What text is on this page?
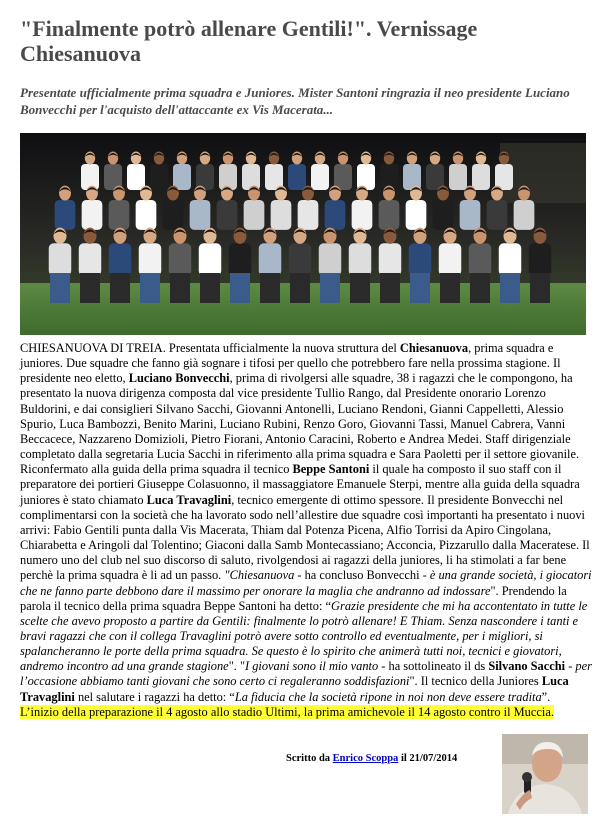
"Finalmente potrò allenare Gentili!". Vernissage Chiesanuova

Presentate ufficialmente prima squadra e Juniores. Mister Santoni ringrazia il neo presidente Luciano Bonvecchi per l'acquisto dell'attaccante ex Vis Macerata...

CHIESANUOVA DI TREIA. Presentata ufficialmente la nuova struttura del Chiesanuova, prima squadra e juniores. Due squadre che fanno già sognare i tifosi per quello che potrebbero fare nella prossima stagione. Il presidente neo eletto, Luciano Bonvecchi, prima di rivolgersi alle squadre, 38 i ragazzi che le compongono, ha presentato la nuova dirigenza composta dal vice presidente Tullio Rango, dal Presidente onorario Lorenzo Buldorini, e dai consiglieri Silvano Sacchi, Giovanni Antonelli, Luciano Rendoni, Gianni Cappelletti, Alessio Spurio, Luca Bambozzi, Benito Marini, Luciano Rubini, Renzo Goro, Giovanni Tassi, Manuel Cabrera, Vanni Beccacece, Nazzareno Domizioli, Pietro Fiorani, Antonio Caracini, Roberto e Andrea Medei. Staff dirigenziale completato dalla segretaria Lucia Sacchi in riferimento alla prima squadra e Sara Paoletti per il settore giovanile. Riconfermato alla guida della prima squadra il tecnico Beppe Santoni il quale ha composto il suo staff con il preparatore dei portieri Giuseppe Colasuonno, il massaggiatore Emanuele Sterpi, mentre alla guida della squadra juniores è stato chiamato Luca Travaglini, tecnico emergente di ottimo spessore. Il presidente Bonvecchi nel complimentarsi con la società che ha lavorato sodo nell’allestire due squadre così importanti ha presentato i nuovi arrivi: Fabio Gentili punta dalla Vis Macerata, Thiam dal Potenza Picena, Alfio Torrisi da Apiro Cingolana, Chiarabetta e Aringoli dal Tolentino; Giaconi dalla Samb Montecassiano; Acconcia, Pizzarullo dalla Maceratese. Il numero uno del club nel suo discorso di saluto, rivolgendosi ai ragazzi della juniores, li ha stimolati a far bene perchè la prima squadra è li ad un passo. "Chiesanuova - ha concluso Bonvecchi - è una grande società, i giocatori che ne fanno parte debbono dare il massimo per onorare la maglia che andranno ad indossare". Prendendo la parola il tecnico della prima squadra Beppe Santoni ha detto: “Grazie presidente che mi ha accontentato in tutte le scelte che avevo proposto a partire da Gentili: finalmente lo potrò allenare! E Thiam. Senza nascondere i tanti e bravi ragazzi che con il collega Travaglini potrò avere sotto controllo ed eventualmente, per i migliori, si spalancheranno le porte della prima squadra. Se questo è lo spirito che animerà tutti noi, tecnici e giovatori, andremo incontro ad una grande stagione". "I giovani sono il mio vanto - ha sottolineato il ds Silvano Sacchi - per l’occasione abbiamo tanti giovani che sono certo ci regaleranno soddisfazioni". Il tecnico della Juniores Luca Travaglini nel salutare i ragazzi ha detto: “La fiducia che la società ripone in noi non deve essere tradita”. L’inizio della preparazione il 4 agosto allo stadio Ultimi, la prima amichevole il 14 agosto contro il Muccia.

Scritto da Enrico Scoppa il 21/07/2014
